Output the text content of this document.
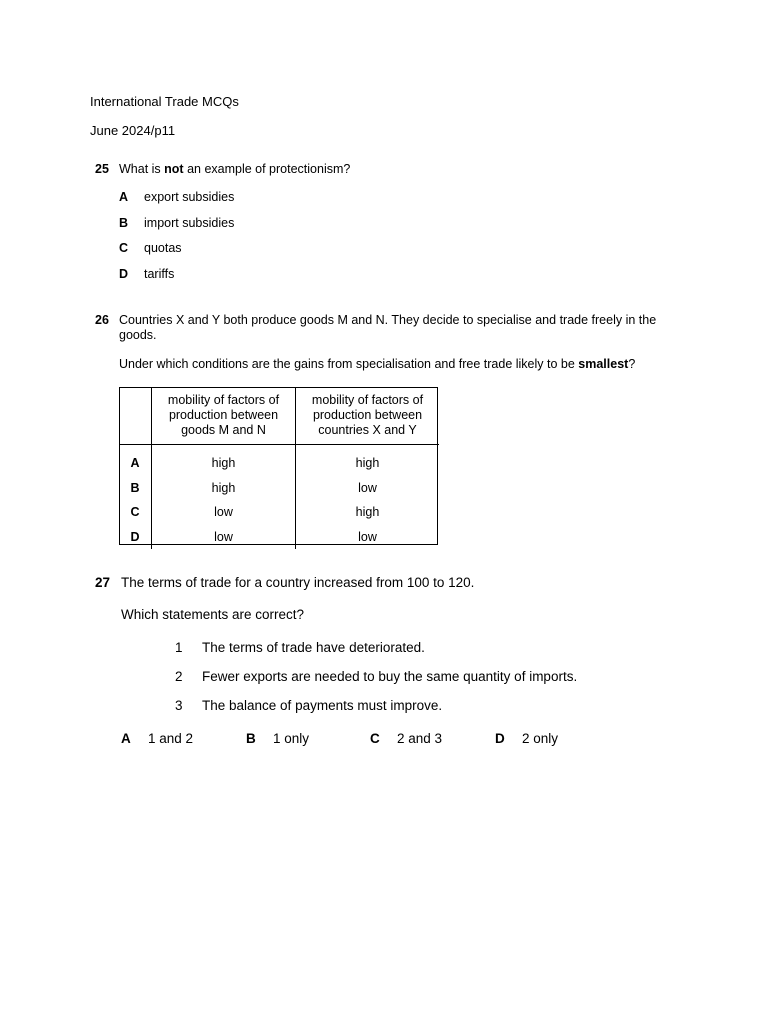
International Trade MCQs
June 2024/p11
25 What is not an example of protectionism?
A export subsidies
B import subsidies
C quotas
D tariffs
26 Countries X and Y both produce goods M and N. They decide to specialise and trade freely in the goods.
Under which conditions are the gains from specialisation and free trade likely to be smallest?
	mobility of factors of production between goods M and N	mobility of factors of production between countries X and Y
A	high	high
B	high	low
C	low	high
D	low	low
27 The terms of trade for a country increased from 100 to 120.
Which statements are correct?
1 The terms of trade have deteriorated.
2 Fewer exports are needed to buy the same quantity of imports.
3 The balance of payments must improve.
A 1 and 2	B 1 only	C 2 and 3	D 2 only
